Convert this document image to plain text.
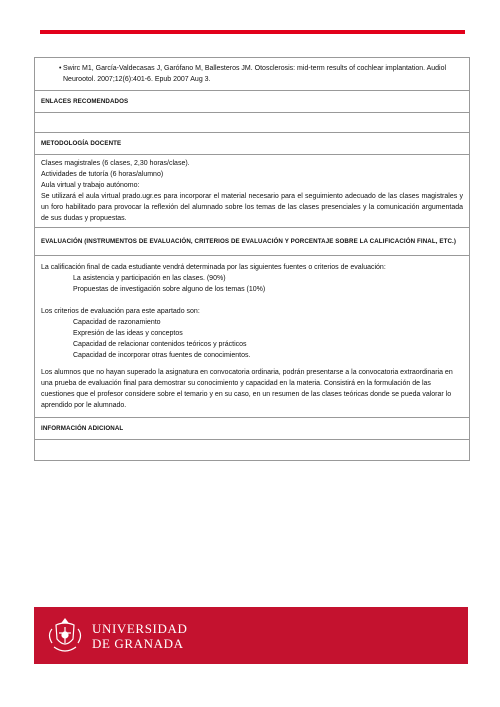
• Swirc M1, García-Valdecasas J, Garófano M, Ballesteros JM. Otosclerosis: mid-term results of cochlear implantation. Audiol Neurootol. 2007;12(6):401-6. Epub 2007 Aug 3.
ENLACES RECOMENDADOS
METODOLOGÍA DOCENTE
Clases magistrales (6 clases, 2,30 horas/clase).
Actividades de tutoría (6 horas/alumno)
Aula virtual y trabajo autónomo:
Se utilizará el aula virtual prado.ugr.es para incorporar el material necesario para el seguimiento adecuado de las clases magistrales y un foro habilitado para provocar la reflexión del alumnado sobre los temas de las clases presenciales y la comunicación argumentada de sus dudas y propuestas.
EVALUACIÓN (INSTRUMENTOS DE EVALUACIÓN, CRITERIOS DE EVALUACIÓN Y PORCENTAJE SOBRE LA CALIFICACIÓN FINAL, ETC.)
La calificación final de cada estudiante vendrá determinada por las siguientes fuentes o criterios de evaluación:
La asistencia y participación en las clases. (90%)
Propuestas de investigación sobre alguno de los temas (10%)
Los criterios de evaluación para este apartado son:
Capacidad de razonamiento
Expresión de las ideas y conceptos
Capacidad de relacionar contenidos teóricos y prácticos
Capacidad de incorporar otras fuentes de conocimientos.
Los alumnos que no hayan superado la asignatura en convocatoria ordinaria, podrán presentarse a la convocatoria extraordinaria en una prueba de evaluación final para demostrar su conocimiento y capacidad en la materia. Consistirá en la formulación de las cuestiones que el profesor considere sobre el temario y en su caso, en un resumen de las clases teóricas donde se pueda valorar lo aprendido por le alumnado.
INFORMACIÓN ADICIONAL
UNIVERSIDAD
DE GRANADA
